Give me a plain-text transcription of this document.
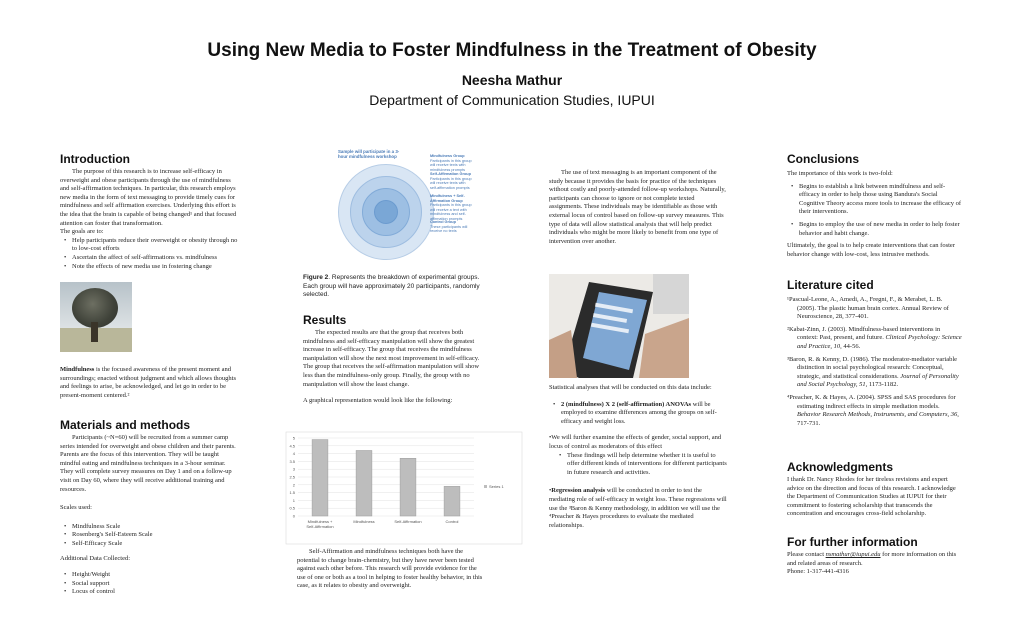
Using New Media to Foster Mindfulness in the Treatment of Obesity
Neesha Mathur
Department of Communication Studies, IUPUI
Introduction

The purpose of this research is to increase self-efficacy in overweight and obese participants through the use of mindfulness and self-affirmation techniques. In particular, this research employs new media in the form of text messaging to provide timely cues for mindfulness and self affirmation exercises. Underlying this effort is the idea that the brain is capable of being changed¹ and that focused attention can foster that transformation.

The goals are to:

• Help participants reduce their overweight or obesity through no to low-cost efforts
• Ascertain the affect of self-affirmations vs. mindfulness
• Note the effects of new media use in fostering change

Mindfulness is the focused awareness of the present moment and surroundings; enacted without judgment and which allows thoughts and feelings to arise, be acknowledged, and let go in order to be present-moment centered.²

Materials and methods

Participants (~N=60) will be recruited from a summer camp series intended for overweight and obese children and their parents. Parents are the focus of this intervention. They will be taught mindful eating and mindfulness techniques in a 3-hour seminar. They will complete survey measures on Day 1 and on a follow-up visit on Day 60, where they will receive additional training and resources.

Scales used:

• Mindfulness Scale
• Rosenberg's Self-Esteem Scale
• Self-Efficacy Scale

Additional Data Collected:

• Height/Weight
• Social support
• Locus of control
Sample will participate in a 3-hour mindfulness workshop	Mindfulness Group
Participants in this group will receive texts with mindfulness prompts
Self-Affirmation Group
Participants in this group will receive texts with self-affirmation prompts
Mindfulness + Self-Affirmation Group
Participants in this group will receive a text with mindfulness and self-affirmation prompts
Control Group
These participants will receive no texts

Figure 2. Represents the breakdown of experimental groups. Each group will have approximately 20 participants, randomly selected.

Results

The expected results are that the group that receives both mindfulness and self-efficacy manipulation will show the greatest increase in self-efficacy. The group that receives the mindfulness manipulation will show the next most improvement in self-efficacy. The group that receives the self-affirmation manipulation will show less than the mindfulness-only group. Finally, the group with no manipulation will show the least change.

A graphical representation would look like the following:

0
0.5
1
1.5
2
2.5
3
3.5
4
4.5
5
Mindfulness +
Self-Affirmation
Mindfulness	Self-Affirmation	Control
Series 1

Self-Affirmation and mindfulness techniques both have the potential to change brain-chemistry, but they have never been tested against each other before. This research will provide evidence for the use of one or both as a tool in helping to foster healthy behavior, in this case, as it relates to obesity and overweight.

The use of text messaging is an important component of the study because it provides the basis for practice of the techniques without costly and poorly-attended follow-up workshops. Naturally, participants can choose to ignore or not complete texted assignments. These individuals may be identifiable as those with external locus of control based on follow-up survey measures. This type of data will allow statistical analysis that will help predict individuals who might be more likely to benefit from one type of intervention over another.

Statistical analyses that will be conducted on this data include:

• 2 (mindfulness) X 2 (self-affirmation) ANOVAs will be employed to examine differences among the groups on self-efficacy and weight loss.

•We will further examine the effects of gender, social support, and locus of control as moderators of this effect

• These findings will help determine whether it is useful to offer different kinds of interventions for different participants in future research and activities.

•Regression analysis will be conducted in order to test the mediating role of self-efficacy in weight loss. These regressions will use the ³Baron & Kenny methodology, in addition we will use the ⁴Preacher & Hayes procedures to evaluate the mediated relationships.

Conclusions

The importance of this work is two-fold:

• Begins to establish a link between mindfulness and self-efficacy in order to help those using Bandura's Social Cognitive Theory access more tools to increase the efficacy of their interventions.
• Begins to employ the use of new media in order to help foster behavior and habit change.

Ultimately, the goal is to help create interventions that can foster behavior change with low-cost, less intrusive methods.

Literature cited

¹Pascual-Leone, A., Amedi, A., Fregni, F., & Merabet, L. B. (2005). The plastic human brain cortex. Annual Review of Neuroscience, 28, 377-401.

²Kabat-Zinn, J. (2003). Mindfulness-based interventions in context: Past, present, and future. Clinical Psychology: Science and Practice, 10, 44-56.

³Baron, R. & Kenny, D. (1986). The moderator-mediator variable distinction in social psychological research: Conceptual, strategic, and statistical considerations. Journal of Personality and Social Psychology, 51, 1173-1182.

⁴Preacher, K. & Hayes, A. (2004). SPSS and SAS procedures for estimating indirect effects in simple mediation models. Behavior Research Methods, Instruments, and Computers, 36, 717-731.

Acknowledgments

I thank Dr. Nancy Rhodes for her tireless revisions and expert advice on the direction and focus of this research. I acknowledge the Department of Communication Studies at IUPUI for their commitment to fostering scholarship that transcends the concentration and encourages cross-field scholarship.

For further information

Please contact nsmathur@iupui.edu for more information on this and related areas of research.

Phone: 1-317-441-4316
